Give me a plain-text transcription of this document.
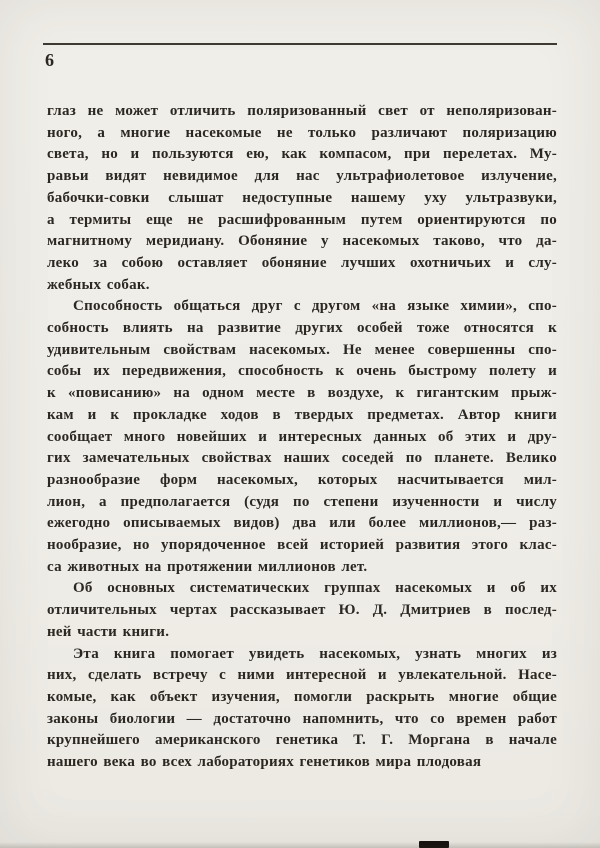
6
глаз не может отличить поляризованный свет от неполяризован-
ного, а многие насекомые не только различают поляризацию
света, но и пользуются ею, как компасом, при перелетах. Му-
равьи видят невидимое для нас ультрафиолетовое излучение,
бабочки-совки слышат недоступные нашему уху ультразвуки,
а термиты еще не расшифрованным путем ориентируются по
магнитному меридиану. Обоняние у насекомых таково, что да-
леко за собою оставляет обоняние лучших охотничьих и слу-
жебных собак.
Способность общаться друг с другом «на языке химии», спо-
собность влиять на развитие других особей тоже относятся к
удивительным свойствам насекомых. Не менее совершенны спо-
собы их передвижения, способность к очень быстрому полету и
к «повисанию» на одном месте в воздухе, к гигантским прыж-
кам и к прокладке ходов в твердых предметах. Автор книги
сообщает много новейших и интересных данных об этих и дру-
гих замечательных свойствах наших соседей по планете. Велико
разнообразие форм насекомых, которых насчитывается мил-
лион, а предполагается (судя по степени изученности и числу
ежегодно описываемых видов) два или более миллионов,— раз-
нообразие, но упорядоченное всей историей развития этого клас-
са животных на протяжении миллионов лет.
Об основных систематических группах насекомых и об их
отличительных чертах рассказывает Ю. Д. Дмитриев в послед-
ней части книги.
Эта книга помогает увидеть насекомых, узнать многих из
них, сделать встречу с ними интересной и увлекательной. Насе-
комые, как объект изучения, помогли раскрыть многие общие
законы биологии — достаточно напомнить, что со времен работ
крупнейшего американского генетика Т. Г. Моргана в начале
нашего века во всех лабораториях генетиков мира плодовая
